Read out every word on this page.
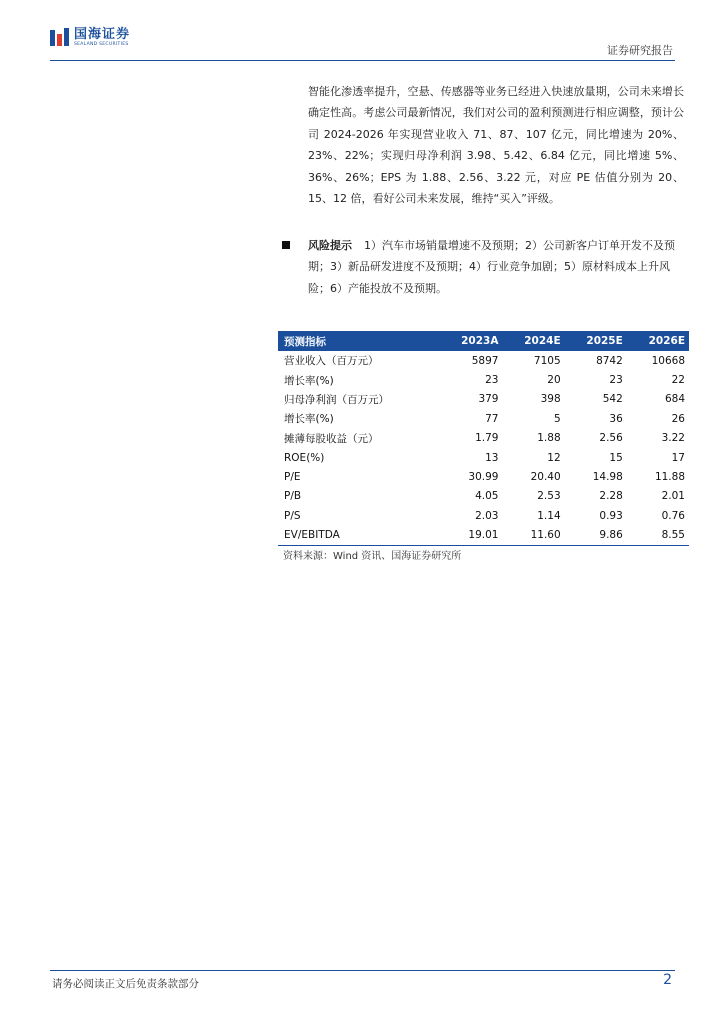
国海证券
SEALAND SECURITIES	证券研究报告
智能化渗透率提升，空悬、传感器等业务已经进入快速放量期，公司未来增长确定性高。考虑公司最新情况，我们对公司的盈利预测进行相应调整，预计公司 2024-2026 年实现营业收入 71、87、107 亿元，同比增速为 20%、23%、22%；实现归母净利润 3.98、5.42、6.84 亿元，同比增速 5%、36%、26%；EPS 为 1.88、2.56、3.22 元，对应 PE 估值分别为 20、15、12 倍，看好公司未来发展，维持“买入”评级。
风险提示 1）汽车市场销量增速不及预期；2）公司新客户订单开发不及预期；3）新品研发进度不及预期；4）行业竞争加剧；5）原材料成本上升风险；6）产能投放不及预期。
预测指标	2023A	2024E	2025E	2026E
营业收入（百万元）	5897	7105	8742	10668
增长率(%)	23	20	23	22
归母净利润（百万元）	379	398	542	684
增长率(%)	77	5	36	26
摊薄每股收益（元）	1.79	1.88	2.56	3.22
ROE(%)	13	12	15	17
P/E	30.99	20.40	14.98	11.88
P/B	4.05	2.53	2.28	2.01
P/S	2.03	1.14	0.93	0.76
EV/EBITDA	19.01	11.60	9.86	8.55
资料来源：Wind 资讯、国海证券研究所
请务必阅读正文后免责条款部分	2
